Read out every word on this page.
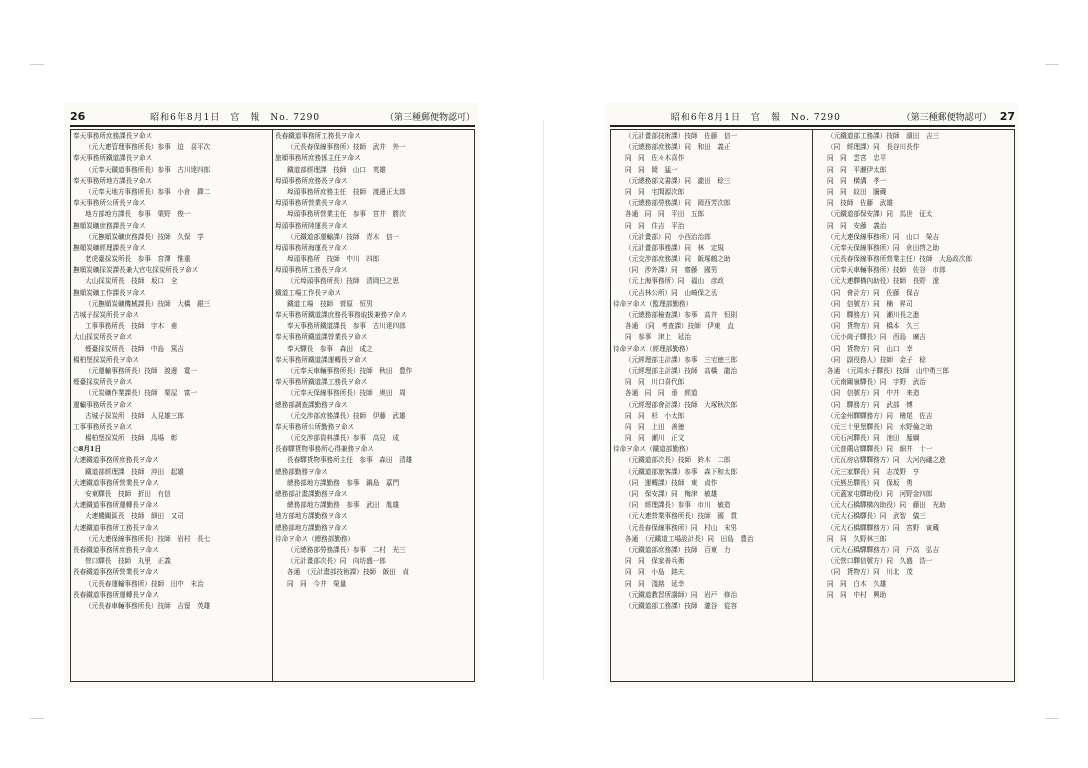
26	昭和6年8月1日　官　報　No. 7290	（第三種郵便物認可）
奉天事務所庶務課長ヲ命ス
（元大連管理事務所長）参事　迫　喜平次
奉天事務所鐵道課長ヲ命ス
（元奉天鐵道事務所長）参事　古川達四郎
奉天事務所地方課長ヲ命ス
（元奉天地方事務所長）参事　小倉　鐸二
奉天事務所公所長ヲ命ス
地方部地方課長　参事　栗野　俊一
撫順炭礦庶務課長ヲ命ス
（元撫順炭礦庶務課長）技師　久保　学
撫順炭礦經理課長ヲ命ス
老虎臺採炭所長　参事　宮澤　惟重
撫順炭礦採炭課長兼大官屯採炭所長ヲ命ス
大山採炭所長　技師　坂口　全
撫順炭礦工作課長ヲ命ス
（元撫順炭礦機械課長）技師　大橋　銀三
古城子採炭所長ヲ命ス
工事事務所長　技師　宇木　甫
大山採炭所長ヲ命ス
煙臺採炭所長　技師　中島　篤吉
楊柏堡採炭所長ヲ命ス
（元運輸事務所長）技師　渡邊　寛一
煙臺採炭所長ヲ命ス
（元炭礦作業課長）技師　栗屋　富一
運輸事務所長ヲ命ス
古城子採炭所　技師　人見雄三郎
工事事務所長ヲ命ス
楊柏堡採炭所　技師　馬場　彰
○8月1日
大連鐵道事務所庶務長ヲ命ス
鐵道部經理課　技師　沖田　起雄
大連鐵道事務所營業長ヲ命ス
安東驛長　技師　折田　有信
大連鐵道事務所運轉長ヲ命ス
大連機關區長　技師　細田　又司
大連鐵道事務所工務長ヲ命ス
（元大連保線事務所長）技師　岩村　長七
長春鐵道事務所庶務長ヲ命ス
營口驛長　技師　丸里　正義
長春鐵道事務所營業長ヲ命ス
（元長春運輸事務所）技師　田中　末治
長春鐵道事務所運轉長ヲ命ス
（元長春車輛事務所長）技師　吉留　英雄
長春鐵道事務所工務長ヲ命ス
（元長春保線事務所）技師　武井　外一
旅順事務所庶務係主任ヲ命ス
鐵道部經理課　技師　山口　英雄
埠頭事務所庶務長ヲ命ス
埠頭事務所庶務主任　技師　渡邊正太郎
埠頭事務所營業長ヲ命ス
埠頭事務所營業主任　参事　宮井　勝次
埠頭事務所陸運長ヲ命ス
（元鐵道部運輸課）技師　青木　信一
埠頭事務所海運長ヲ命ス
埠頭事務所　技師　中川　四郎
埠頭事務所工務長ヲ命ス
（元埠頭事務所長）技師　清岡巳之思
鐵道工場工作長ヲ命ス
鐵道工場　技師　菅原　恒男
奉天事務所鐵道課庶務長事務取扱兼務ヲ命ス
奉天事務所鐵道課長　参事　古川達四郎
奉天事務所鐵道課營業長ヲ命ス
奉天驛長　参事　森田　成之
奉天事務所鐵道課運轉長ヲ命ス
（元奉天車輛事務所長）技師　秋田　豊作
奉天事務所鐵道課工務長ヲ命ス
（元奉天保線事務所長）技師　奥田　周
總務部調查課勤務ヲ命ス
（元交渉部庶務課長）技師　伊藤　武雄
奉天事務所公所勤務ヲ命ス
（元交渉部資料課長）参事　高見　成
長春驛貨物事務所心得兼務ヲ命ス
長春驛貨物事務所主任　参事　森田　清雄
總務部勤務ヲ命ス
總務部地方課勤務　参事　鍋島　嘉門
總務部計畫課勤務ヲ命ス
總務部地方課勤務　参事　武田　胤雄
地方部地方課勤務ヲ命ス
總務部地方課勤務ヲ命ス
待命ヲ命ス（總務部勤務）
（元總務部勞務課長）参事　二村　光三
（元計畫部次長）同　向坊盛一郎
各通　（元計畫部技術課）技師　飯田　貞
同　同　今井　榮量
昭和6年8月1日　官　報　No. 7290	（第三種郵便物認可） 27
（元計畫部技術課）技師　佐藤　信一
（元總務部庶務課）同　和田　義正
同　同　佐々木喜作
同　同　岡　猛一
（元總務部文書課）同　瀧田　稔三
同　同　宅間源次郎
（元總務部勞務課）同　岡西芳次郎
各通　同　同　平田　五郎
同　同　住吉　平治
（元計畫部）同　小西治治郎
（元計畫部事務課）同　林　定規
（元交渉部庶務課）同　飯塚鶴之助
（同　渉外課）同　齋藤　國男
（元上海事務所）同　福山　彦政
（元吉林公所）同　山崎保之丞
待命ヲ命ス（監理部勤務）
（元總務部檢查課）参事　高井　恒則
各通　（同　考查課）技師　伊東　直
同　参事　津上　延治
待命ヲ命ス（經理部勤務）
（元經理部主計課）参事　三宅徳三郎
（元經理部主計課）技師　高橋　龍治
同　同　川口喜代郎
各通　同　同　垂　經道
（元經理部會計課）技師　大塚秋次郎
同　同　杉　小太郎
同　同　上田　善徳
同　同　瀬川　正文
待命ヲ命ス（鐵道部勤務）
（元鐵道部次長）技師　鈴木　二郎
（元鐵道部旅客課）参事　森下和太郎
（同　運轉課）技師　東　貞作
（同　保安課）同　梅津　敏雄
（同　經理課長）参事　市川　敏造
（元大連營業事務所長）技師　國　貫
（元長春保線事務所）同　村山　末男
各通　（元鐵道工場設計長）同　田島　豊治
（元鐵道部庶務課）技師　百東　力
同　同　保家善兵衛
同　同　小島　銘夫
同　同　淺銘　延幸
（元鐵道教習所講師）同　岩戸　修治
（元鐵道部工務課）技師　瀧谷　從容
（元鐵道部工務課）技師　濱田　吉三
（同　經理課）同　長谷川長作
同　同　雲宮　忠平
同　同　平瀬伊太郎
同　同　横溝　孝一
同　同　紋田　騰蔵
同　技師　佐藤　武雄
（元鐵道部保安課）同　馬世　征太
同　同　安藤　義治
（元大連保線事務所）同　山口　榮吉
（元奉天保線事務所）同　倉田啓之助
（元長春保線事務所營業主任）技師　大島政次郎
（元奉天車輛事務所）技師　佐谷　市郎
（元大連驛構內助役）技師　長野　遼
（同　會計方）同　佐藤　保吉
（同　信號方）同　楠　昇司
（同　驛務方）同　瀬川長之進
（同　貨物方）同　橋本　久三
（元小崗子驛長）同　西島　廣吉
（同　貨物方）同　山口　幸
（同　副役務人）技師　金子　稔
各通　（元周水子驛長）技師　山中勇三郎
（元南關嶺驛長）同　宇野　武治
（同　信號方）同　中井　来造
（同　驛務方）同　武部　博
（元金州驛驛務方）同　檜尾　佐吉
（元三十里堡驛長）同　水野倫之助
（元石河驛長）同　池田　厖綱
（元普蘭店驛驛長）同　細井　十一
（元瓦房店驛驛務方）同　大河內礒之進
（元三家驛長）同　志茂野　亨
（元熊岳驛長）同　保坂　勇
（元蓋家屯驛助役）同　河野金四郎
（元大石橋驛構內助役）同　藤田　光助
（元大石橋驛長）同　武智　儀三
（元大石橋驛驛務方）同　宮野　寅蔵
同　同　久野林三郎
（元大石橋驛驛務方）同　戸高　弘吉
（元營口驛信號方）同　久盛　浩一
（同　貨物方）同　川北　茂
同　同　白木　久雄
同　同　中村　興助
